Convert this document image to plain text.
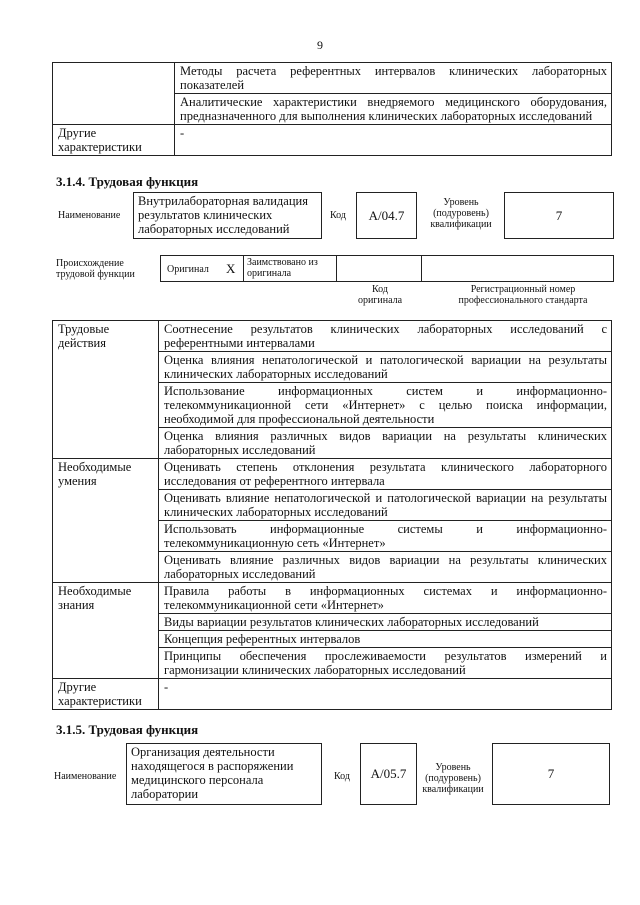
9
	Методы расчета референтных интервалов клинических лабораторных показателей
	Аналитические характеристики внедряемого медицинского оборудования, предназначенного для выполнения клинических лабораторных исследований
Другие характеристики	-
3.1.4. Трудовая функция
Наименование
Внутрилабораторная валидация результатов клинических лабораторных исследований
Код	А/04.7
Уровень (подуровень) квалификации
7
Происхождение трудовой функции	Оригинал X Заимствовано из оригинала
Код оригинала
Регистрационный номер профессионального стандарта
Трудовые действия	Соотнесение результатов клинических лабораторных исследований с референтными интервалами
	Оценка влияния непатологической и патологической вариации на результаты клинических лабораторных исследований
	Использование информационных систем и информационно-телекоммуникационной сети «Интернет» с целью поиска информации, необходимой для профессиональной деятельности
	Оценка влияния различных видов вариации на результаты клинических лабораторных исследований
Необходимые умения	Оценивать степень отклонения результата клинического лабораторного исследования от референтного интервала
	Оценивать влияние непатологической и патологической вариации на результаты клинических лабораторных исследований
	Использовать информационные системы и информационно-телекоммуникационную сеть «Интернет»
	Оценивать влияние различных видов вариации на результаты клинических лабораторных исследований
Необходимые знания	Правила работы в информационных системах и информационно-телекоммуникационной сети «Интернет»
	Виды вариации результатов клинических лабораторных исследований
	Концепция референтных интервалов
	Принципы обеспечения прослеживаемости результатов измерений и гармонизации клинических лабораторных исследований
Другие характеристики	-
3.1.5. Трудовая функция
Наименование
Организация деятельности находящегося в распоряжении медицинского персонала лаборатории
Код	А/05.7	Уровень (подуровень) квалификации
7
